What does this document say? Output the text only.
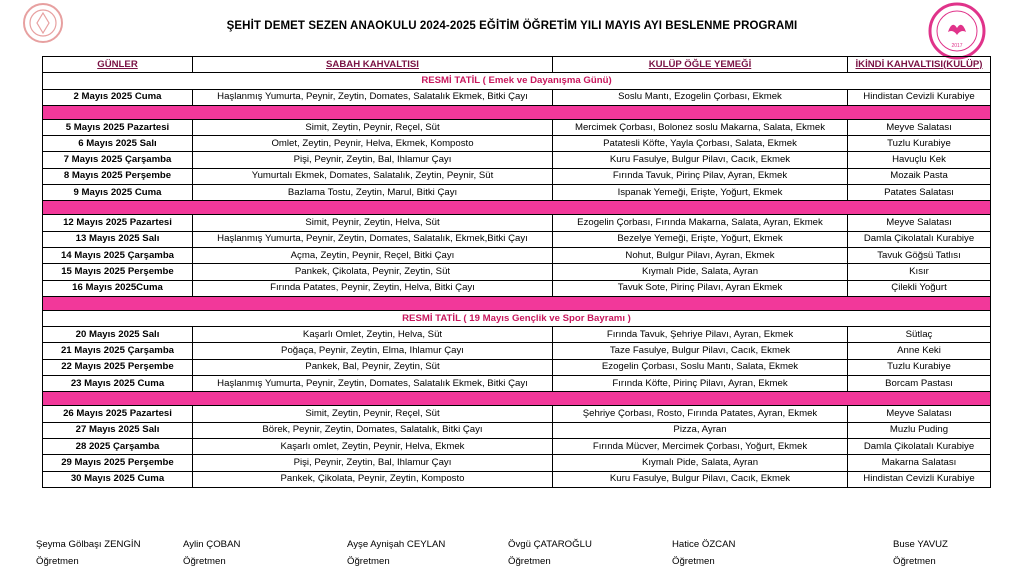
ŞEHİT DEMET SEZEN ANAOKULU 2024-2025 EĞİTİM ÖĞRETİM YILI MAYIS AYI BESLENME PROGRAMI
2017
GÜNLER	SABAH KAHVALTISI	KULÜP ÖĞLE YEMEĞİ	İKİNDİ KAHVALTISI(KULÜP)
RESMİ TATİL ( Emek ve Dayanışma Günü)			
2 Mayıs 2025 Cuma	Haşlanmış Yumurta, Peynir, Zeytin, Domates, Salatalık Ekmek, Bitki Çayı	Soslu Mantı, Ezogelin Çorbası, Ekmek	Hindistan Cevizli Kurabiye

5 Mayıs 2025 Pazartesi	Simit, Zeytin, Peynir, Reçel, Süt	Mercimek Çorbası, Bolonez soslu Makarna, Salata, Ekmek	Meyve Salatası
6 Mayıs 2025 Salı	Omlet, Zeytin, Peynir, Helva, Ekmek, Komposto	Patatesli Köfte, Yayla Çorbası, Salata, Ekmek	Tuzlu Kurabiye
7 Mayıs 2025 Çarşamba	Pişi, Peynir, Zeytin, Bal, Ihlamur Çayı	Kuru Fasulye, Bulgur Pilavı, Cacık, Ekmek	Havuçlu Kek
8 Mayıs 2025 Perşembe	Yumurtalı Ekmek, Domates, Salatalık, Zeytin, Peynir, Süt	Fırında Tavuk, Pirinç Pilav, Ayran, Ekmek	Mozaik Pasta
9 Mayıs 2025 Cuma	Bazlama Tostu, Zeytin, Marul, Bitki Çayı	Ispanak Yemeği, Erişte, Yoğurt, Ekmek	Patates Salatası

12 Mayıs 2025 Pazartesi	Simit, Peynir, Zeytin, Helva, Süt	Ezogelin Çorbası, Fırında Makarna, Salata, Ayran, Ekmek	Meyve Salatası
13 Mayıs 2025 Salı	Haşlanmış Yumurta, Peynir, Zeytin, Domates, Salatalık, Ekmek,Bitki Çayı	Bezelye Yemeği, Erişte, Yoğurt, Ekmek	Damla Çikolatalı Kurabiye
14 Mayıs 2025 Çarşamba	Açma, Zeytin, Peynir, Reçel, Bitki Çayı	Nohut, Bulgur Pilavı, Ayran, Ekmek	Tavuk Göğsü Tatlısı
15 Mayıs 2025 Perşembe	Pankek, Çikolata, Peynir, Zeytin, Süt	Kıymalı Pide, Salata, Ayran	Kısır
16 Mayıs 2025Cuma	Fırında Patates, Peynir, Zeytin, Helva, Bitki Çayı	Tavuk Sote, Pirinç Pilavı, Ayran Ekmek	Çilekli Yoğurt

RESMİ TATİL ( 19 Mayıs Gençlik ve Spor Bayramı )			
20 Mayıs 2025 Salı	Kaşarlı Omlet, Zeytin, Helva, Süt	Fırında Tavuk, Şehriye Pilavı, Ayran, Ekmek	Sütlaç
21 Mayıs 2025 Çarşamba	Poğaça, Peynir, Zeytin, Elma, Ihlamur Çayı	Taze Fasulye, Bulgur Pilavı, Cacık, Ekmek	Anne Keki
22 Mayıs 2025 Perşembe	Pankek, Bal, Peynir, Zeytin, Süt	Ezogelin Çorbası, Soslu Mantı, Salata, Ekmek	Tuzlu Kurabiye
23 Mayıs 2025 Cuma	Haşlanmış Yumurta, Peynir, Zeytin, Domates, Salatalık Ekmek, Bitki Çayı	Fırında Köfte, Pirinç Pilavı, Ayran, Ekmek	Borcam Pastası

26 Mayıs 2025 Pazartesi	Simit, Zeytin, Peynir, Reçel, Süt	Şehriye Çorbası, Rosto, Fırında Patates, Ayran, Ekmek	Meyve Salatası
27 Mayıs 2025 Salı	Börek, Peynir, Zeytin, Domates, Salatalık, Bitki Çayı	Pizza, Ayran	Muzlu Puding
28 2025 Çarşamba	Kaşarlı omlet, Zeytin, Peynir, Helva, Ekmek	Fırında Mücver, Mercimek Çorbası, Yoğurt, Ekmek	Damla Çikolatalı Kurabiye
29 Mayıs 2025 Perşembe	Pişi, Peynir, Zeytin, Bal, Ihlamur Çayı	Kıymalı Pide, Salata, Ayran	Makarna Salatası
30 Mayıs 2025 Cuma	Pankek, Çikolata, Peynir, Zeytin, Komposto	Kuru Fasulye, Bulgur Pilavı, Cacık, Ekmek	Hindistan Cevizli Kurabiye
Şeyma Gölbaşı ZENGİN
Öğretmen
Aylin ÇOBAN
Öğretmen
Ayşe Aynişah CEYLAN
Öğretmen
Övgü ÇATAROĞLU
Öğretmen
Hatice ÖZCAN
Öğretmen
Buse YAVUZ
Öğretmen
